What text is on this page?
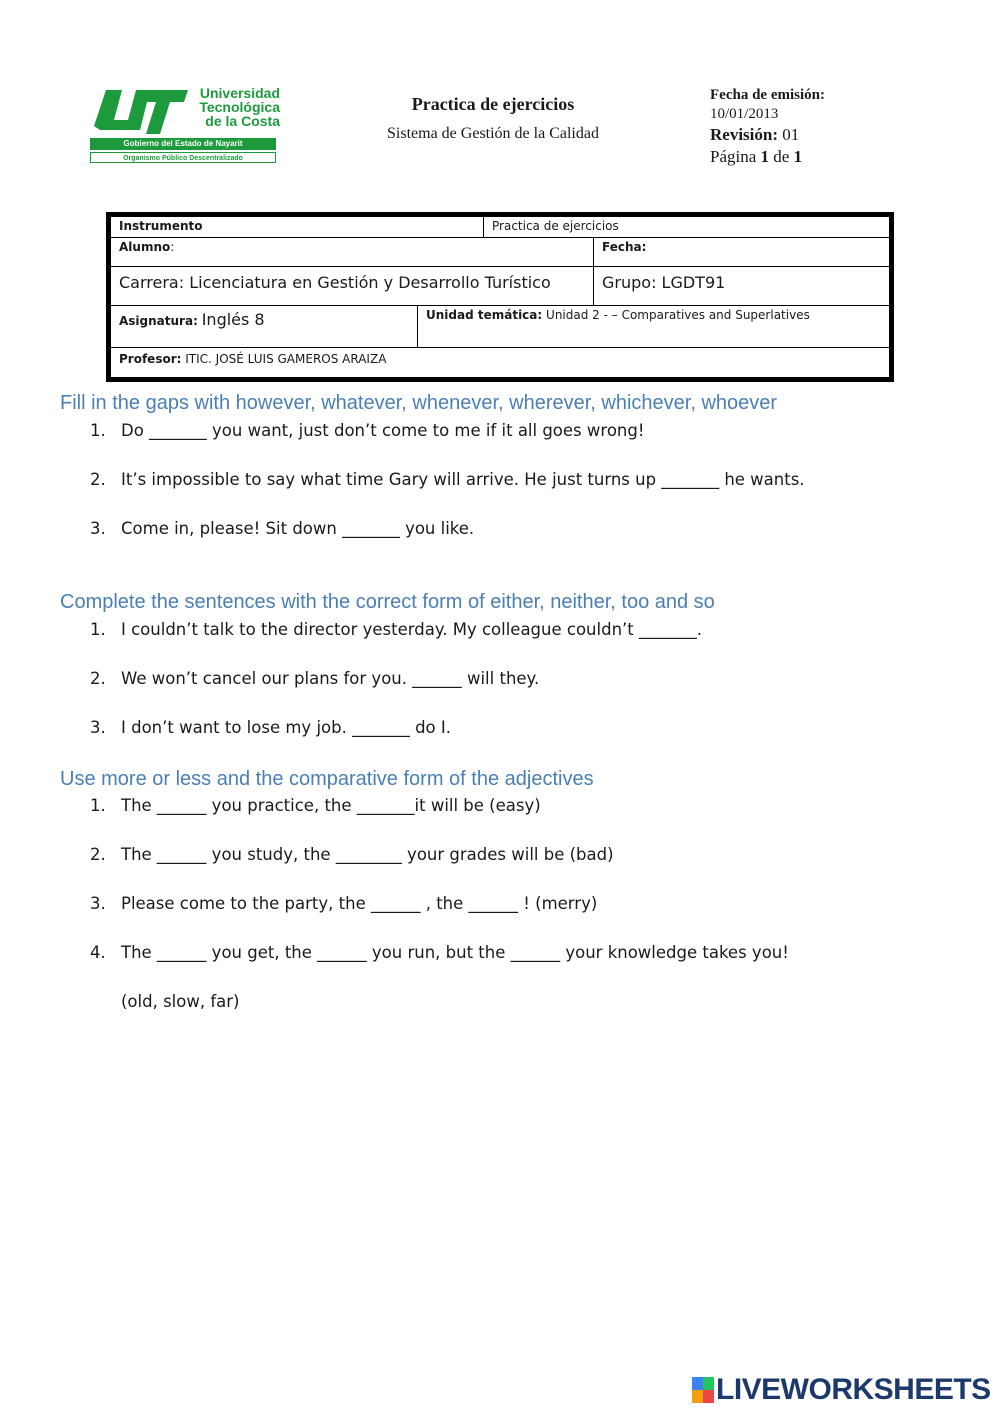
Universidad
Tecnológica
de la Costa
Gobierno del Estado de Nayarit
Organismo Público Descentralizado
Practica de ejercicios
Sistema de Gestión de la Calidad
Fecha de emisión:
10/01/2013
Revisión: 01
Página 1 de 1
Instrumento	Practica de ejercicios
Alumno:	Fecha:
Carrera: Licenciatura en Gestión y Desarrollo Turístico	Grupo: LGDT91
Asignatura: Inglés 8	Unidad temática: Unidad 2 - – Comparatives and Superlatives
Profesor: ITIC. JOSÉ LUIS GAMEROS ARAIZA
Fill in the gaps with however, whatever, whenever, wherever, whichever, whoever
1. Do _______ you want, just don’t come to me if it all goes wrong!
2. It’s impossible to say what time Gary will arrive. He just turns up _______ he wants.
3. Come in, please! Sit down _______ you like.
Complete the sentences with the correct form of either, neither, too and so
1. I couldn’t talk to the director yesterday. My colleague couldn’t _______.
2. We won’t cancel our plans for you. ______ will they.
3. I don’t want to lose my job. _______ do I.
Use more or less and the comparative form of the adjectives
1. The ______ you practice, the _______it will be (easy)
2. The ______ you study, the ________ your grades will be (bad)
3. Please come to the party, the ______ , the ______ ! (merry)
4. The ______ you get, the ______ you run, but the ______ your knowledge takes you!
(old, slow, far)
LIVEWORKSHEETS
